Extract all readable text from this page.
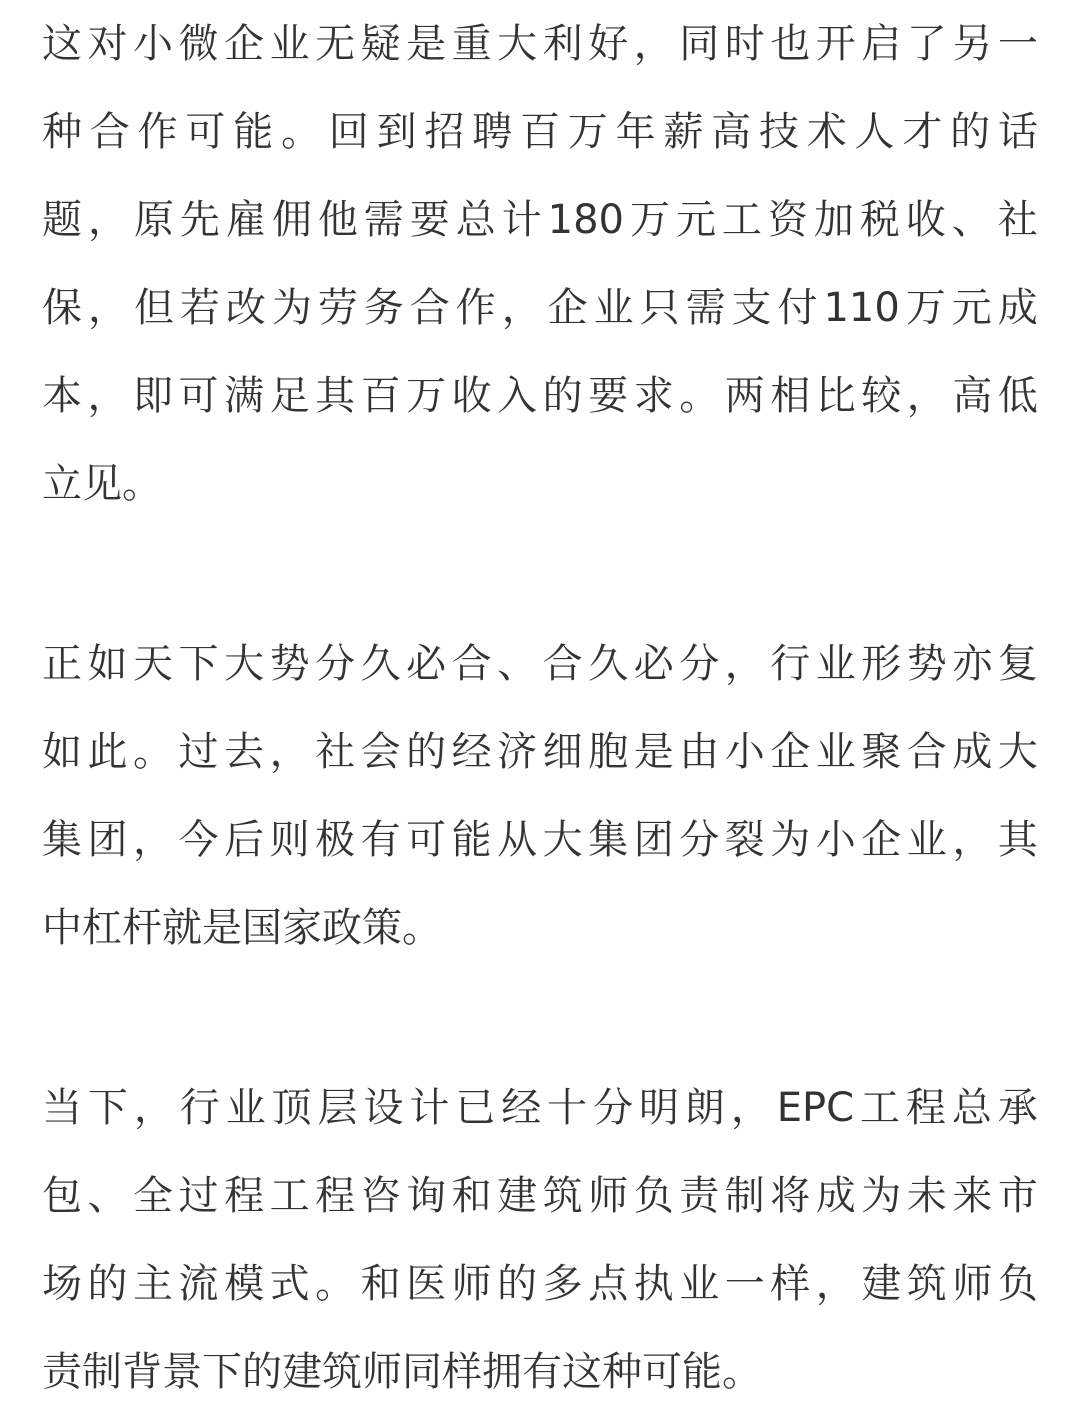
这 对 小 微 企 业 无 疑 是 重 大 利 好 ， 同 时 也 开 启 了 另 一
种 合 作 可 能 。 回 到 招 聘 百 万 年 薪 高 技 术 人 才 的 话
题 ， 原 先 雇 佣 他 需 要 总 计 180 万 元 工 资 加 税 收 、 社
保 ， 但 若 改 为 劳 务 合 作 ， 企 业 只 需 支 付 110 万 元 成
本 ， 即 可 满 足 其 百 万 收 入 的 要 求 。 两 相 比 较 ， 高 低
立见。
正 如 天 下 大 势 分 久 必 合 、 合 久 必 分 ， 行 业 形 势 亦 复
如 此 。 过 去 ， 社 会 的 经 济 细 胞 是 由 小 企 业 聚 合 成 大
集 团 ， 今 后 则 极 有 可 能 从 大 集 团 分 裂 为 小 企 业 ， 其
中杠杆就是国家政策。
当 下 ， 行 业 顶 层 设 计 已 经 十 分 明 朗 ， EPC 工 程 总 承
包 、 全 过 程 工 程 咨 询 和 建 筑 师 负 责 制 将 成 为 未 来 市
场 的 主 流 模 式 。 和 医 师 的 多 点 执 业 一 样 ， 建 筑 师 负
责制背景下的建筑师同样拥有这种可能。
